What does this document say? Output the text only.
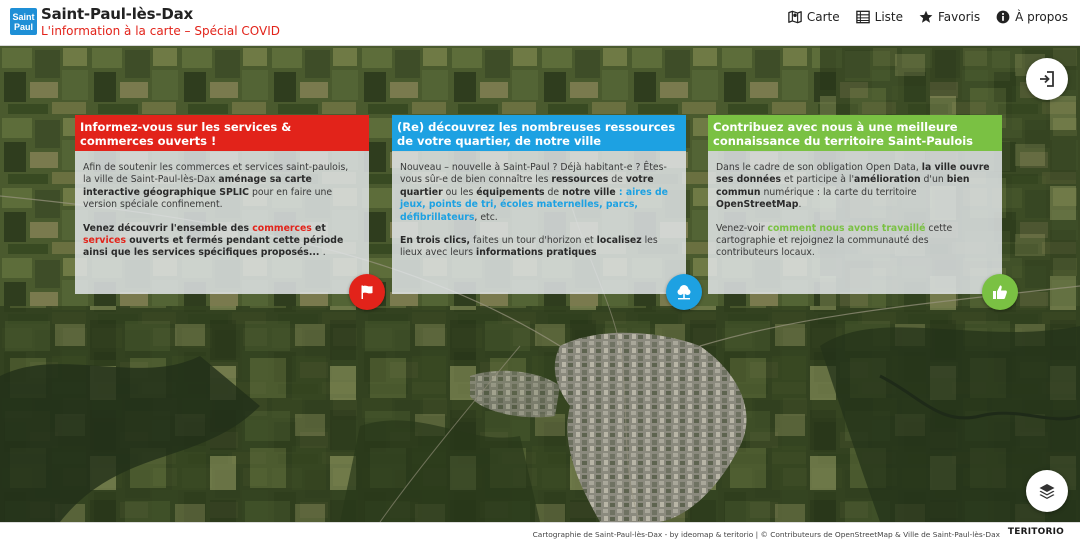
Saint
Paul
Saint-Paul-lès-Dax
L'information à la carte – Spécial COVID
Carte	Liste	Favoris	À propos
Informez-vous sur les services & commerces ouverts !

Afin de soutenir les commerces et services saint-paulois, la ville de Saint-Paul-lès-Dax aménage sa carte interactive géographique SPLIC pour en faire une version spéciale confinement.

Venez découvrir l'ensemble des commerces et services ouverts et fermés pendant cette période ainsi que les services spécifiques proposés... .

(Re) découvrez les nombreuses ressources de votre quartier, de notre ville

Nouveau – nouvelle à Saint-Paul ? Déjà habitant-e ? Êtes-vous sûr-e de bien connaître les ressources de votre quartier ou les équipements de notre ville : aires de jeux, points de tri, écoles maternelles, parcs, défibrillateurs, etc.

En trois clics, faites un tour d'horizon et localisez les lieux avec leurs informations pratiques

Contribuez avec nous à une meilleure connaissance du territoire Saint-Paulois

Dans le cadre de son obligation Open Data, la ville ouvre ses données et participe à l'amélioration d'un bien commun numérique : la carte du territoire OpenStreetMap.

Venez-voir comment nous avons travaillé cette cartographie et rejoignez la communauté des contributeurs locaux.

Cartographie de Saint-Paul-lès-Dax - by ideomap & teritorio | © Contributeurs de OpenStreetMap & Ville de Saint-Paul-lès-Dax TERITORIO
